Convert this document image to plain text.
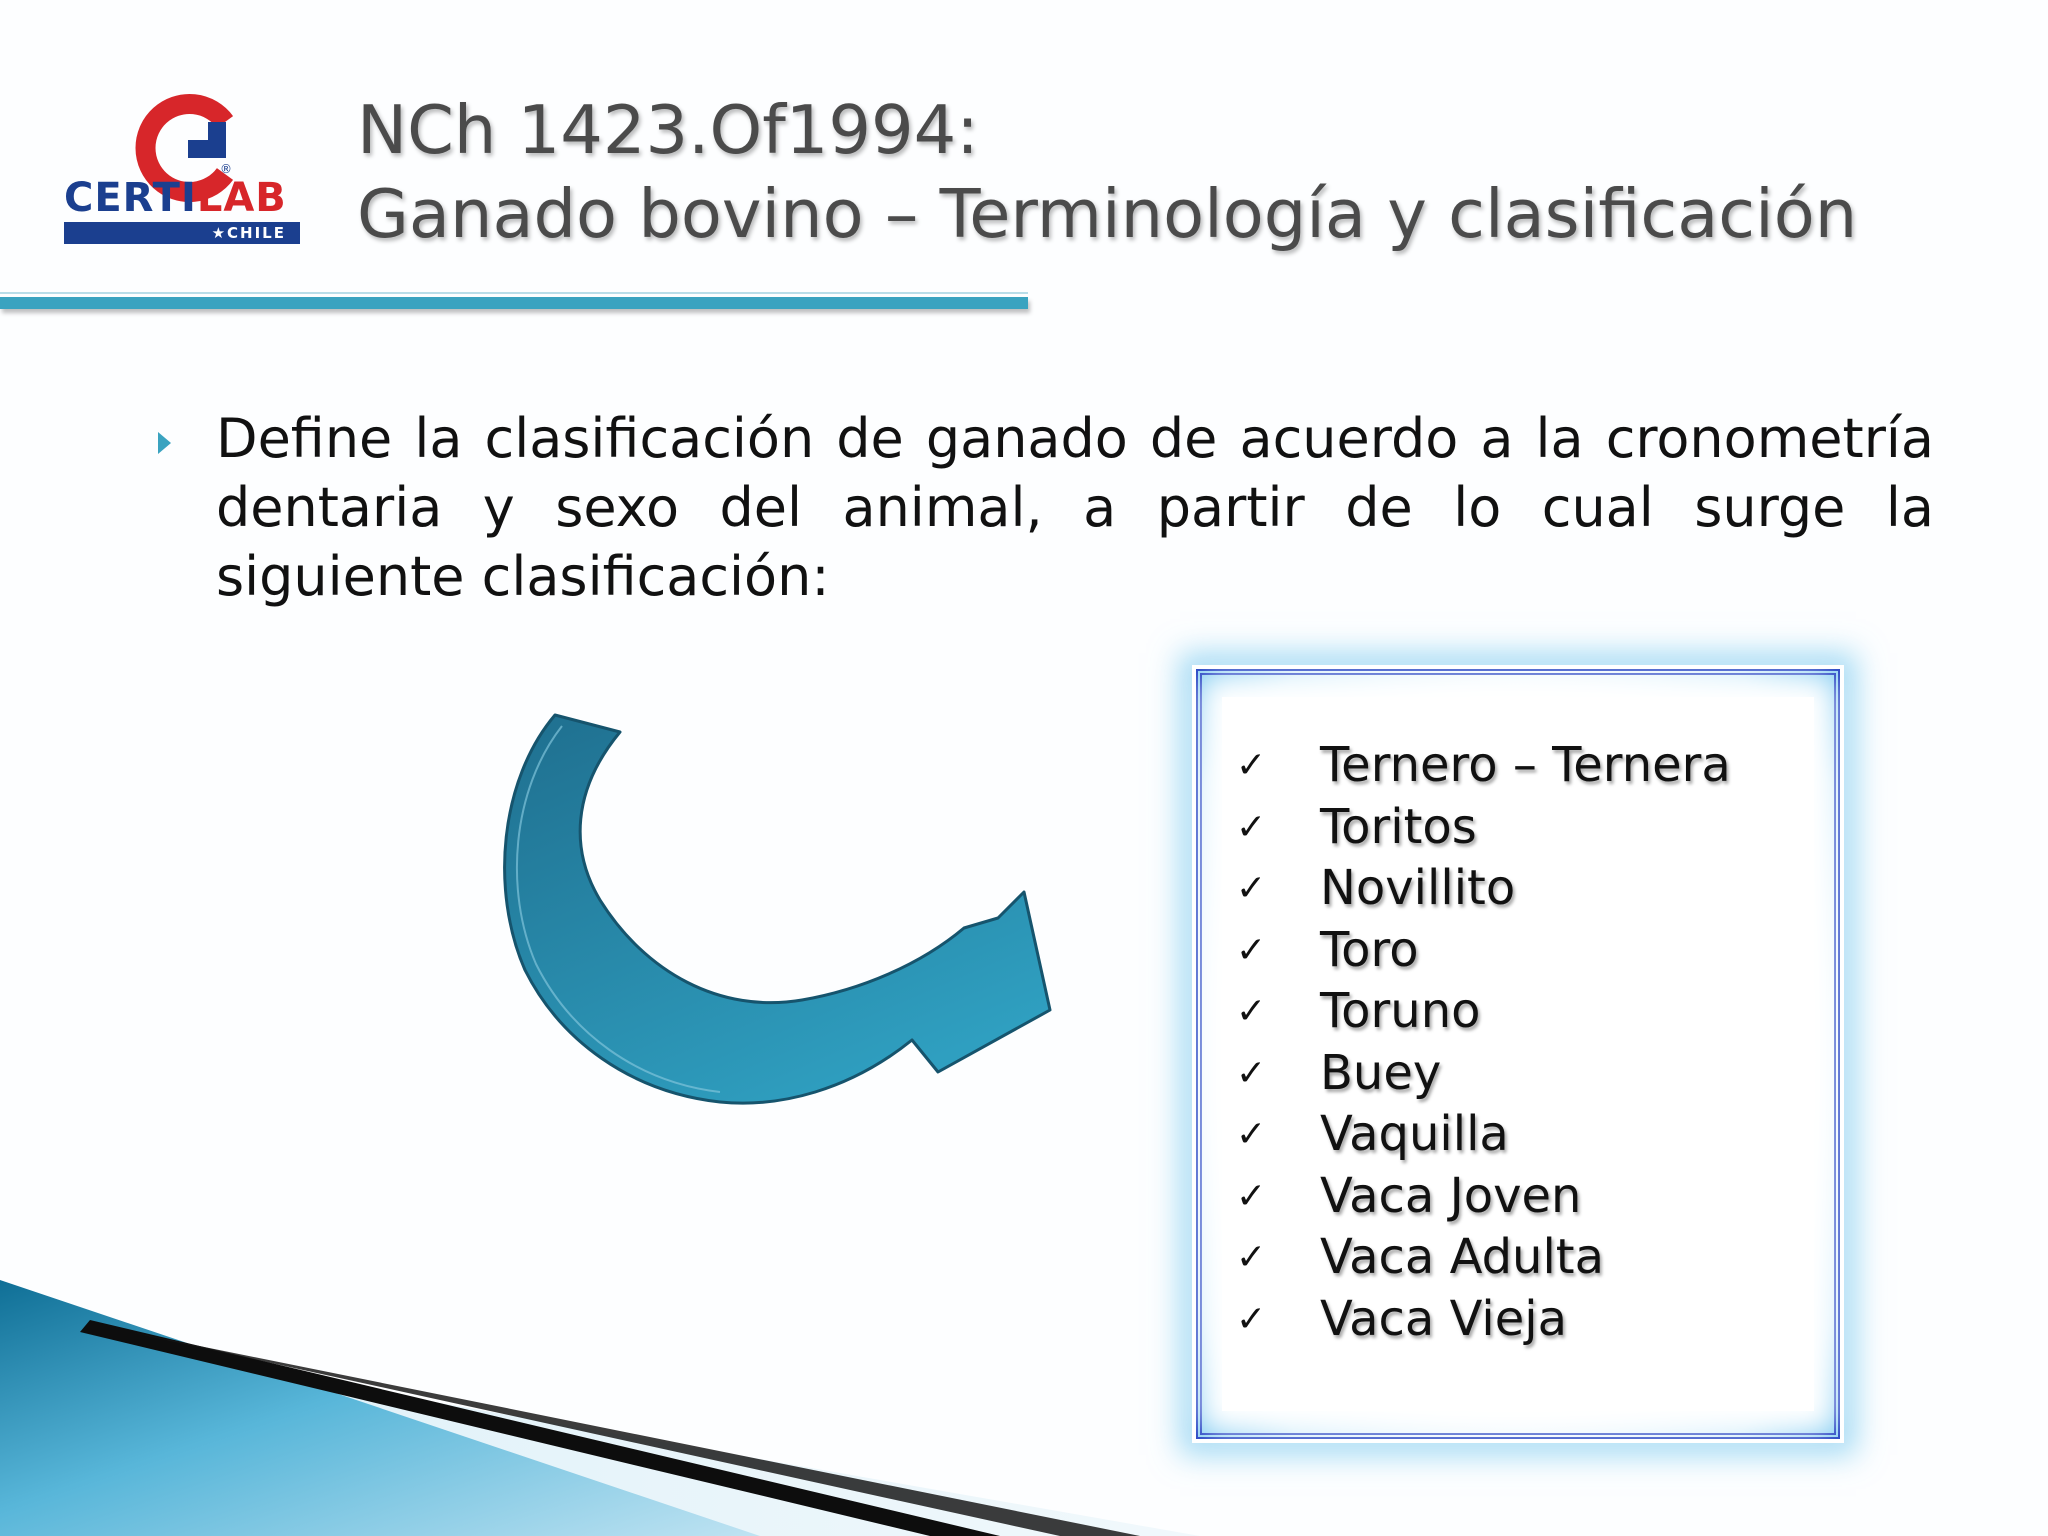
®
CERTILAB
★CHILE
NCh 1423.Of1994:
Ganado bovino – Terminología y clasificación
Define la clasificación de ganado de acuerdo a la cronometría dentaria y sexo del animal, a partir de lo cual surge la siguiente clasificación:
✓ Ternero – Ternera
✓ Toritos
✓ Novillito
✓ Toro
✓ Toruno
✓ Buey
✓ Vaquilla
✓ Vaca Joven
✓ Vaca Adulta
✓ Vaca Vieja
